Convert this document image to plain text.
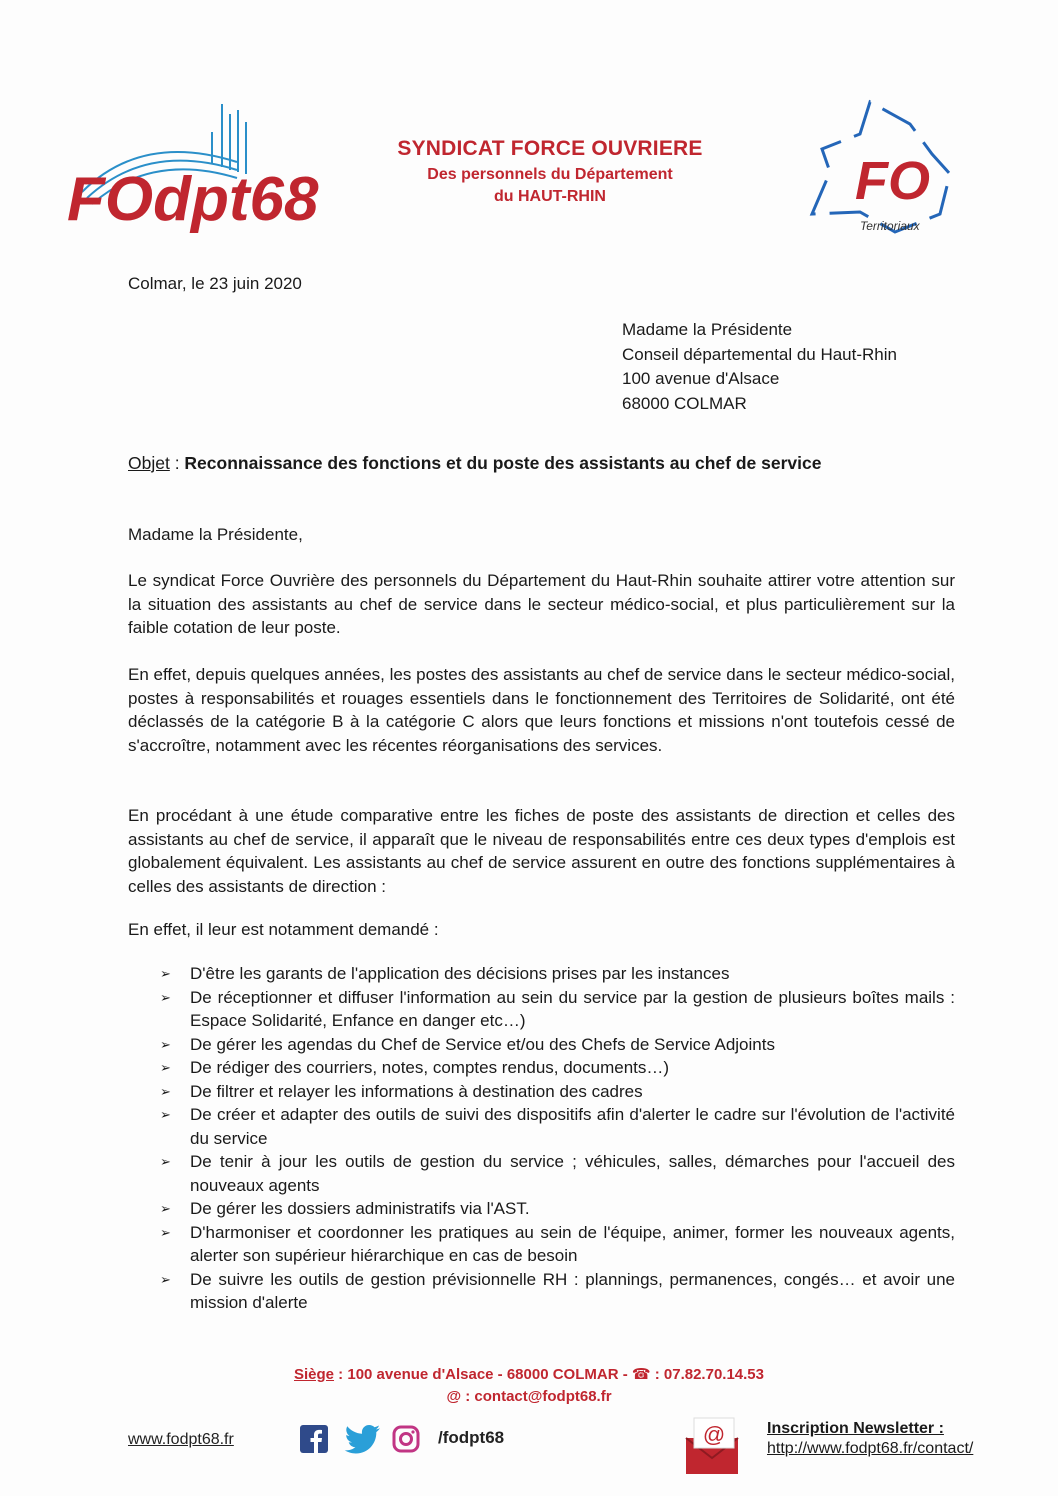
FOdpt68	FO
Territoriaux
SYNDICAT FORCE OUVRIERE
Des personnels du Département
du HAUT-RHIN
Colmar, le 23 juin 2020
Madame la Présidente
Conseil départemental du Haut-Rhin
100 avenue d'Alsace
68000 COLMAR
Objet : Reconnaissance des fonctions et du poste des assistants au chef de service
Madame la Présidente,
Le syndicat Force Ouvrière des personnels du Département du Haut-Rhin souhaite attirer votre attention sur la situation des assistants au chef de service dans le secteur médico-social, et plus particulièrement sur la faible cotation de leur poste.
En effet, depuis quelques années, les postes des assistants au chef de service dans le secteur médico-social, postes à responsabilités et rouages essentiels dans le fonctionnement des Territoires de Solidarité, ont été déclassés de la catégorie B à la catégorie C alors que leurs fonctions et missions n'ont toutefois cessé de s'accroître, notamment avec les récentes réorganisations des services.
En procédant à une étude comparative entre les fiches de poste des assistants de direction et celles des assistants au chef de service, il apparaît que le niveau de responsabilités entre ces deux types d'emplois est globalement équivalent. Les assistants au chef de service assurent en outre des fonctions supplémentaires à celles des assistants de direction :
En effet, il leur est notamment demandé :
➢ D'être les garants de l'application des décisions prises par les instances
➢ De réceptionner et diffuser l'information au sein du service par la gestion de plusieurs boîtes mails : Espace Solidarité, Enfance en danger etc…)
➢ De gérer les agendas du Chef de Service et/ou des Chefs de Service Adjoints
➢ De rédiger des courriers, notes, comptes rendus, documents…)
➢ De filtrer et relayer les informations à destination des cadres
➢ De créer et adapter des outils de suivi des dispositifs afin d'alerter le cadre sur l'évolution de l'activité du service
➢ De tenir à jour les outils de gestion du service ; véhicules, salles, démarches pour l'accueil des nouveaux agents
➢ De gérer les dossiers administratifs via l'AST.
➢ D'harmoniser et coordonner les pratiques au sein de l'équipe, animer, former les nouveaux agents, alerter son supérieur hiérarchique en cas de besoin
➢ De suivre les outils de gestion prévisionnelle RH : plannings, permanences, congés… et avoir une mission d'alerte
Siège : 100 avenue d'Alsace - 68000 COLMAR - ☎ : 07.82.70.14.53
@ : contact@fodpt68.fr
www.fodpt68.fr	/fodpt68	@	Inscription Newsletter :
http://www.fodpt68.fr/contact/
